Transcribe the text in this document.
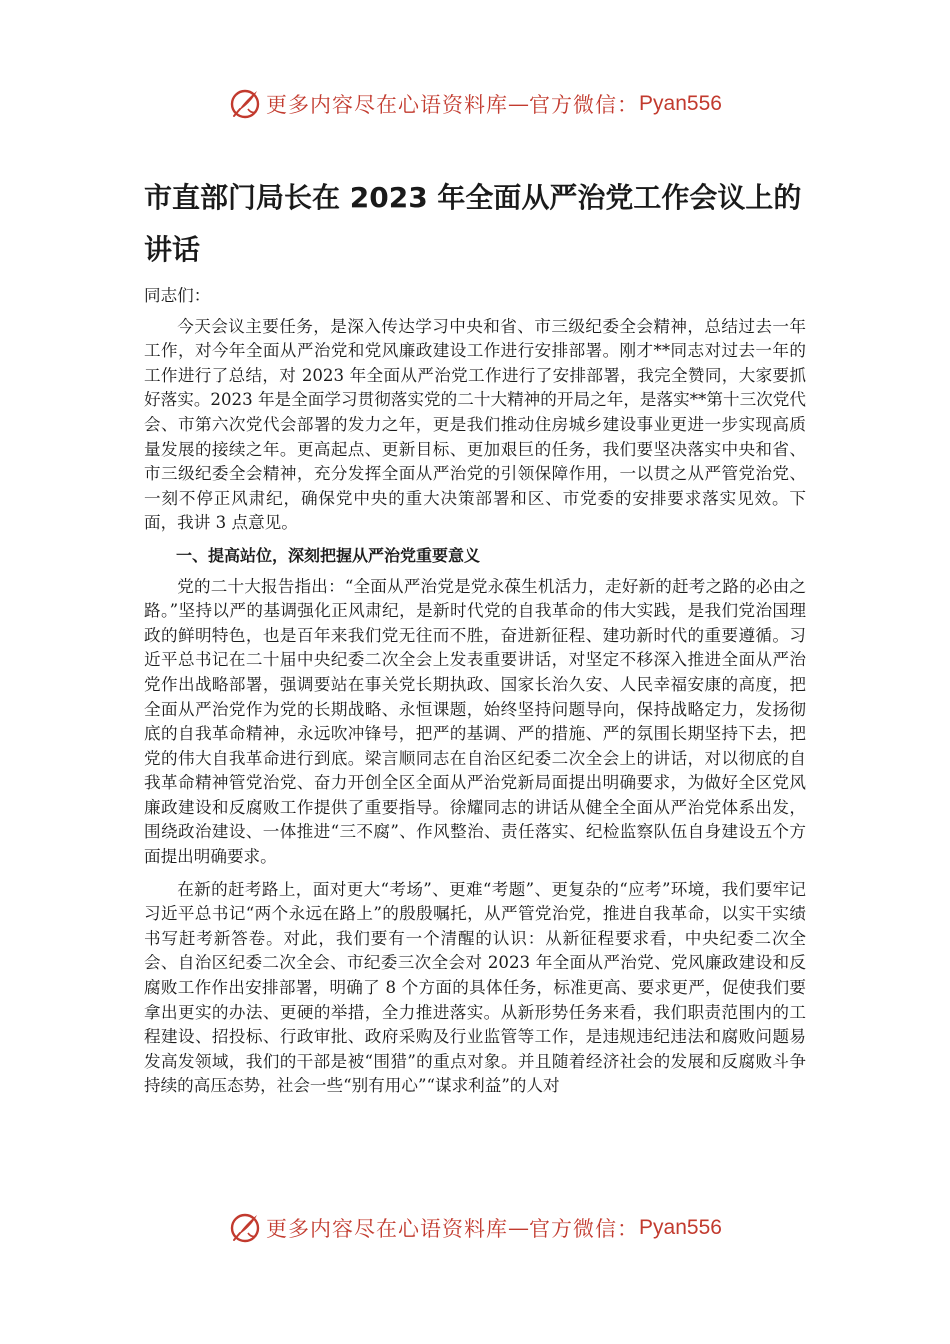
更多内容尽在心语资料库 — 官方微信： Pyan556
市直部门局长在 2023 年全面从严治党工作会议上的讲话

同志们：

今天会议主要任务，是深入传达学习中央和省、市三级纪委全会精神，总结过去一年工作，对今年全面从严治党和党风廉政建设工作进行安排部署。刚才**同志对过去一年的工作进行了总结，对 2023 年全面从严治党工作进行了安排部署，我完全赞同，大家要抓好落实。2023 年是全面学习贯彻落实党的二十大精神的开局之年，是落实**第十三次党代会、市第六次党代会部署的发力之年，更是我们推动住房城乡建设事业更进一步实现高质量发展的接续之年。更高起点、更新目标、更加艰巨的任务，我们要坚决落实中央和省、市三级纪委全会精神，充分发挥全面从严治党的引领保障作用，一以贯之从严管党治党、一刻不停正风肃纪，确保党中央的重大决策部署和区、市党委的安排要求落实见效。下面，我讲 3 点意见。

一、提高站位，深刻把握从严治党重要意义

党的二十大报告指出：“全面从严治党是党永葆生机活力，走好新的赶考之路的必由之路。”坚持以严的基调强化正风肃纪，是新时代党的自我革命的伟大实践，是我们党治国理政的鲜明特色，也是百年来我们党无往而不胜，奋进新征程、建功新时代的重要遵循。习近平总书记在二十届中央纪委二次全会上发表重要讲话，对坚定不移深入推进全面从严治党作出战略部署，强调要站在事关党长期执政、国家长治久安、人民幸福安康的高度，把全面从严治党作为党的长期战略、永恒课题，始终坚持问题导向，保持战略定力，发扬彻底的自我革命精神，永远吹冲锋号，把严的基调、严的措施、严的氛围长期坚持下去，把党的伟大自我革命进行到底。梁言顺同志在自治区纪委二次全会上的讲话，对以彻底的自我革命精神管党治党、奋力开创全区全面从严治党新局面提出明确要求，为做好全区党风廉政建设和反腐败工作提供了重要指导。徐耀同志的讲话从健全全面从严治党体系出发，围绕政治建设、一体推进“三不腐”、作风整治、责任落实、纪检监察队伍自身建设五个方面提出明确要求。

在新的赶考路上，面对更大“考场”、更难“考题”、更复杂的“应考”环境，我们要牢记习近平总书记“两个永远在路上”的殷殷嘱托，从严管党治党，推进自我革命，以实干实绩书写赶考新答卷。对此，我们要有一个清醒的认识：从新征程要求看，中央纪委二次全会、自治区纪委二次全会、市纪委三次全会对 2023 年全面从严治党、党风廉政建设和反腐败工作作出安排部署，明确了 8 个方面的具体任务，标准更高、要求更严，促使我们要拿出更实的办法、更硬的举措，全力推进落实。从新形势任务来看，我们职责范围内的工程建设、招投标、行政审批、政府采购及行业监管等工作，是违规违纪违法和腐败问题易发高发领域，我们的干部是被“围猎”的重点对象。并且随着经济社会的发展和反腐败斗争持续的高压态势，社会一些“别有用心”“谋求利益”的人对

更多内容尽在心语资料库 — 官方微信： Pyan556
